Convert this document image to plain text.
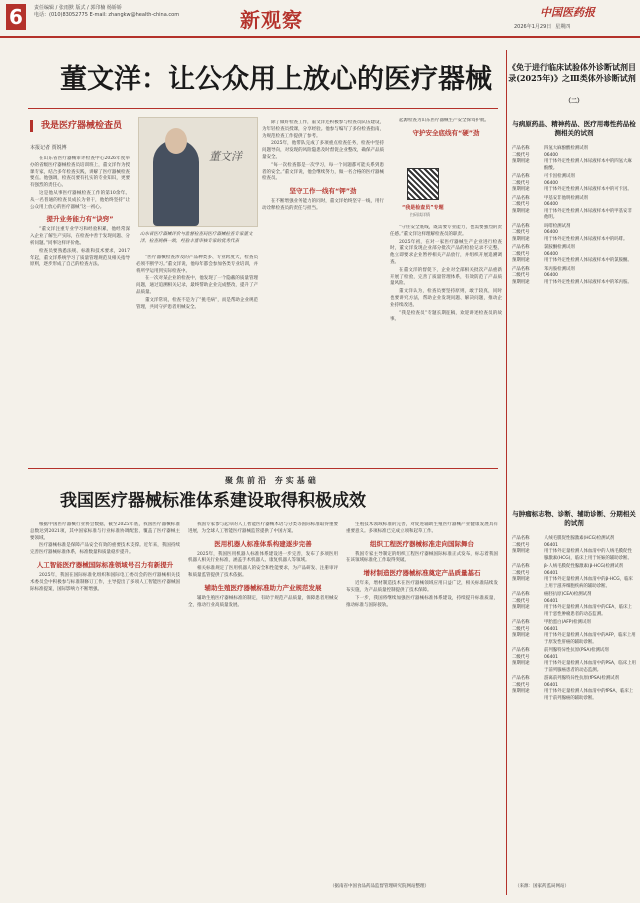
6	责任编辑 / 张雨默 版式 / 郭印楠 杨娇娇
电话：(010)83052775 E-mail: zhangkw@health-china.com	新观察	中国医药报
2026年1月29日 星期四
董文洋：让公众用上放心的医疗器械
我是医疗器械检查员
本报记者 贾锐博
董文洋
山东省医疗器械评价与监督检查局医疗器械检查专家董文洋，检查规格一致，经验丰富审核专家的优秀代表

在山东省医疗器械审评检查中心2026年度举办的省级医疗器械检查员培训班上，董文洋作为授课专家，结合多年检查实践，讲解了医疗器械检查要点。他强调，检查员要有扎实的专业知识，更要有强烈的责任心。

这是他从事医疗器械检查工作的第10余年。从一名普通的检查员成长为骨干，他始终坚持“让公众用上放心的医疗器械”这一初心。

提升业务能力有“诀窍”

“董文洋注重专业学习和经验积累，他经常深入企业了解生产实际，在检查中善于发现问题、分析问题。”同事这样评价他。

检查员要熟悉法规、标准和技术要求，2017年起，董文洋系统学习了质量管理规范及相关指导原则，逐步形成了自己的检查方法。

“医疗器械检查涉及的产品种类多、专业跨度大，检查员必须不断学习。”董文洋说，他每年都会参加各类专业培训，并将所学运用到实际检查中。

在一次对某企业的检查中，他发现了一个隐蔽的质量管理问题，通过追溯相关记录，最终帮助企业完成整改，提升了产品质量。

董文洋常说，检查不是为了“挑毛病”，而是帮助企业规范管理，共同守护患者用械安全。

除了做好检查工作，董文洋还积极参与检查员队伍建设，为年轻检查员授课，分享经验。他参与编写了多份检查指南，为规范检查工作提供了参考。

2025年，他带队完成了多项重点检查任务，检查中坚持问题导向，对发现的风险隐患及时督促企业整改，确保产品质量安全。

“每一次检查都是一次学习，每一个问题都可能关系到患者的安全。”董文洋说，他会继续努力，做一名合格的医疗器械检查员。

坚守工作一线有“钾”劲

在不断增强业务能力的同时，董文洋始终坚守一线，用行动诠释检查员的责任与担当。

起源检查为山东医疗器械生产安全保驾护航。

守护安全底线有“硬”劲

“守住安全底线，既需要专业能力，也需要强烈的责任感。”董文洋这样理解检查员的职责。

2025年初，在对一家医疗器械生产企业进行检查时，董文洋发现企业部分批次产品的检验记录不完整。他立即要求企业暂停相关产品放行，并组织开展追溯调查。

在董文洋的督促下，企业对全部相关批次产品重新开展了检验，完善了质量管理体系，有效防范了产品质量风险。

董文洋认为，检查员要坚持原则，敢于较真，同时也要讲究方法，帮助企业发现问题、解决问题，推动企业持续改进。

“我是检查员”专题长期征稿，欢迎讲述检查员的故事。

“我是检查员”专题
扫码读详情
聚焦前沿 夯实基础
我国医疗器械标准体系建设取得积极成效

根据中国医疗器械行业协会数据，截至2025年底，我国医疗器械标准总数达到2021项，其中国家标准与行业标准协调配套，覆盖了医疗器械主要领域。

医疗器械标准是保障产品安全有效的重要技术支撑。近年来，我国持续完善医疗器械标准体系，标准数量和质量稳步提升。

人工智能医疗器械国际标准领域号召力有新提升

2025年，我国在国际标准化组织和国际电工委员会的医疗器械相关技术委员会中积极参与标准制修订工作，主导提出了多项人工智能医疗器械国际标准提案，国际影响力不断增强。

我国专家参与起草的人工智能医疗器械术语与分类等国际标准取得重要进展，为全球人工智能医疗器械监管提供了中国方案。

医用机器人标准体系构建逐步完善

2025年，我国医用机器人标准体系建设进一步完善，发布了多项医用机器人相关行业标准，涵盖手术机器人、康复机器人等领域。

相关标准规定了医用机器人的安全和性能要求，为产品研发、注册审评和质量监管提供了技术依据。

辅助生殖医疗器械标准助力产业规范发展

辅助生殖医疗器械标准的制定，有助于规范产品质量，保障患者用械安全，推动行业高质量发展。

生殖技术领域标准的完善，对促进辅助生殖医疗器械产业健康发展具有重要意义。多项标准已完成立项和起草工作。

组织工程医疗器械标准走向国际舞台

我国专家主导制定的组织工程医疗器械国际标准正式发布，标志着我国在该领域标准化工作取得突破。

增材制造医疗器械标准奠定产品质量基石

近年来，增材制造技术在医疗器械领域应用日益广泛，相关标准陆续发布实施，为产品质量控制提供了技术保障。

下一步，我国将继续加强医疗器械标准体系建设，持续提升标准质量，推动标准与国际接轨。

（据南省中国食品药品监督管理研究院网站整理）
《免于进行临床试验体外诊断试剂目录(2025年)》之Ⅲ类体外诊断试剂
（二）
与病原药品、精神药品、医疗用毒性药品检测相关的试剂
产品名称	四氢大麻酚酸检测试剂
二级代号	06400
预期用途	用于体外定性检测人体尿液样本中的四氢大麻酚酸。
产品名称	可卡因检测试剂
二级代号	06400
预期用途	用于体外定性检测人体尿液样本中的可卡因。
产品名称	甲基安非他明检测试剂
二级代号	06400
预期用途	用于体外定性检测人体尿液样本中的甲基安非他明。
产品名称	吗啡检测试剂
二级代号	06400
预期用途	用于体外定性检测人体尿液样本中的吗啡。
产品名称	氯胺酮检测试剂
二级代号	06400
预期用途	用于体外定性检测人体尿液样本中的氯胺酮。
产品名称	苯丙胺检测试剂
二级代号	06400
预期用途	用于体外定性检测人体尿液样本中的苯丙胺。
与肿瘤标志物、诊断、辅助诊断、分期相关的试剂
产品名称	人绒毛膜促性腺激素(HCG)检测试剂
二级代号	06401
预期用途	用于体外定量检测人体血清中的人绒毛膜促性腺激素(HCG)，临床上用于妊娠的辅助诊断。
产品名称	β-人绒毛膜促性腺激素(β-HCG)检测试剂
二级代号	06401
预期用途	用于体外定量检测人体血清中的β-HCG，临床上用于滋养细胞疾病的辅助诊断。
产品名称	癌胚抗原(CEA)检测试剂
二级代号	06401
预期用途	用于体外定量检测人体血清中的CEA，临床上用于恶性肿瘤患者的动态监测。
产品名称	甲胎蛋白(AFP)检测试剂
二级代号	06401
预期用途	用于体外定量检测人体血清中的AFP，临床上用于原发性肝癌的辅助诊断。
产品名称	前列腺特异性抗原(PSA)检测试剂
二级代号	06401
预期用途	用于体外定量检测人体血清中的PSA，临床上用于前列腺癌患者的动态监测。
产品名称	游离前列腺特异性抗原(fPSA)检测试剂
二级代号	06401
预期用途	用于体外定量检测人体血清中的fPSA，临床上用于前列腺癌的辅助诊断。
（来源：国家药监局网站）
